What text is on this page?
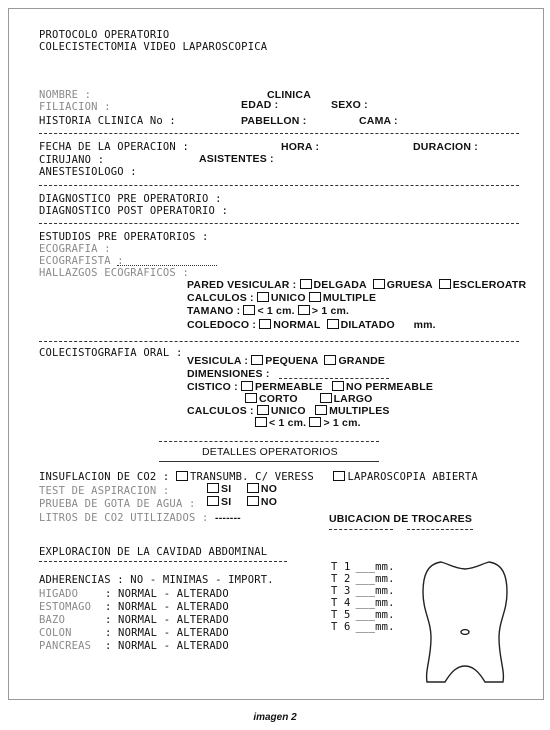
PROTOCOLO OPERATORIO
COLECISTECTOMIA VIDEO LAPAROSCOPICA
NOMBRE :	CLINICA
FILIACION :	EDAD :	SEXO :
HISTORIA CLINICA No :	PABELLON :	CAMA :
FECHA DE LA OPERACION :	HORA :	DURACION :
CIRUJANO :	ASISTENTES :
ANESTESIOLOGO :
DIAGNOSTICO PRE OPERATORIO :
DIAGNOSTICO POST OPERATORIO :
ESTUDIOS PRE OPERATORIOS :
ECOGRAFIA :
ECOGRAFISTA :
HALLAZGOS ECOGRAFICOS :
PARED VESICULAR : DELGADA GRUESA ESCLEROATR
CALCULOS : UNICO MULTIPLE
TAMANO : < 1 cm. > 1 cm.
COLEDOCO : NORMAL DILATADO mm.
COLECISTOGRAFIA ORAL :
VESICULA : PEQUENA GRANDE
DIMENSIONES :
CISTICO : PERMEABLE NO PERMEABLE
CORTO	LARGO
CALCULOS : UNICO MULTIPLES
< 1 cm. > 1 cm.
DETALLES OPERATORIOS
INSUFLACION DE CO2 : TRANSUMB. C/ VERESS	LAPAROSCOPIA ABIERTA
TEST DE ASPIRACION :	SI	NO
PRUEBA DE GOTA DE AGUA :	SI	NO
LITROS DE CO2 UTILIZADOS : -------	UBICACION DE TROCARES
EXPLORACION DE LA CAVIDAD ABDOMINAL
ADHERENCIAS : NO - MINIMAS - IMPORT.
HIGADO	: NORMAL - ALTERADO
ESTOMAGO : NORMAL - ALTERADO
BAZO	: NORMAL - ALTERADO
COLON	: NORMAL - ALTERADO
PANCREAS : NORMAL - ALTERADO
T 1 ___mm.
T 2 ___mm.
T 3 ___mm.
T 4 ___mm.
T 5 ___mm.
T 6 ___mm.
imagen 2
